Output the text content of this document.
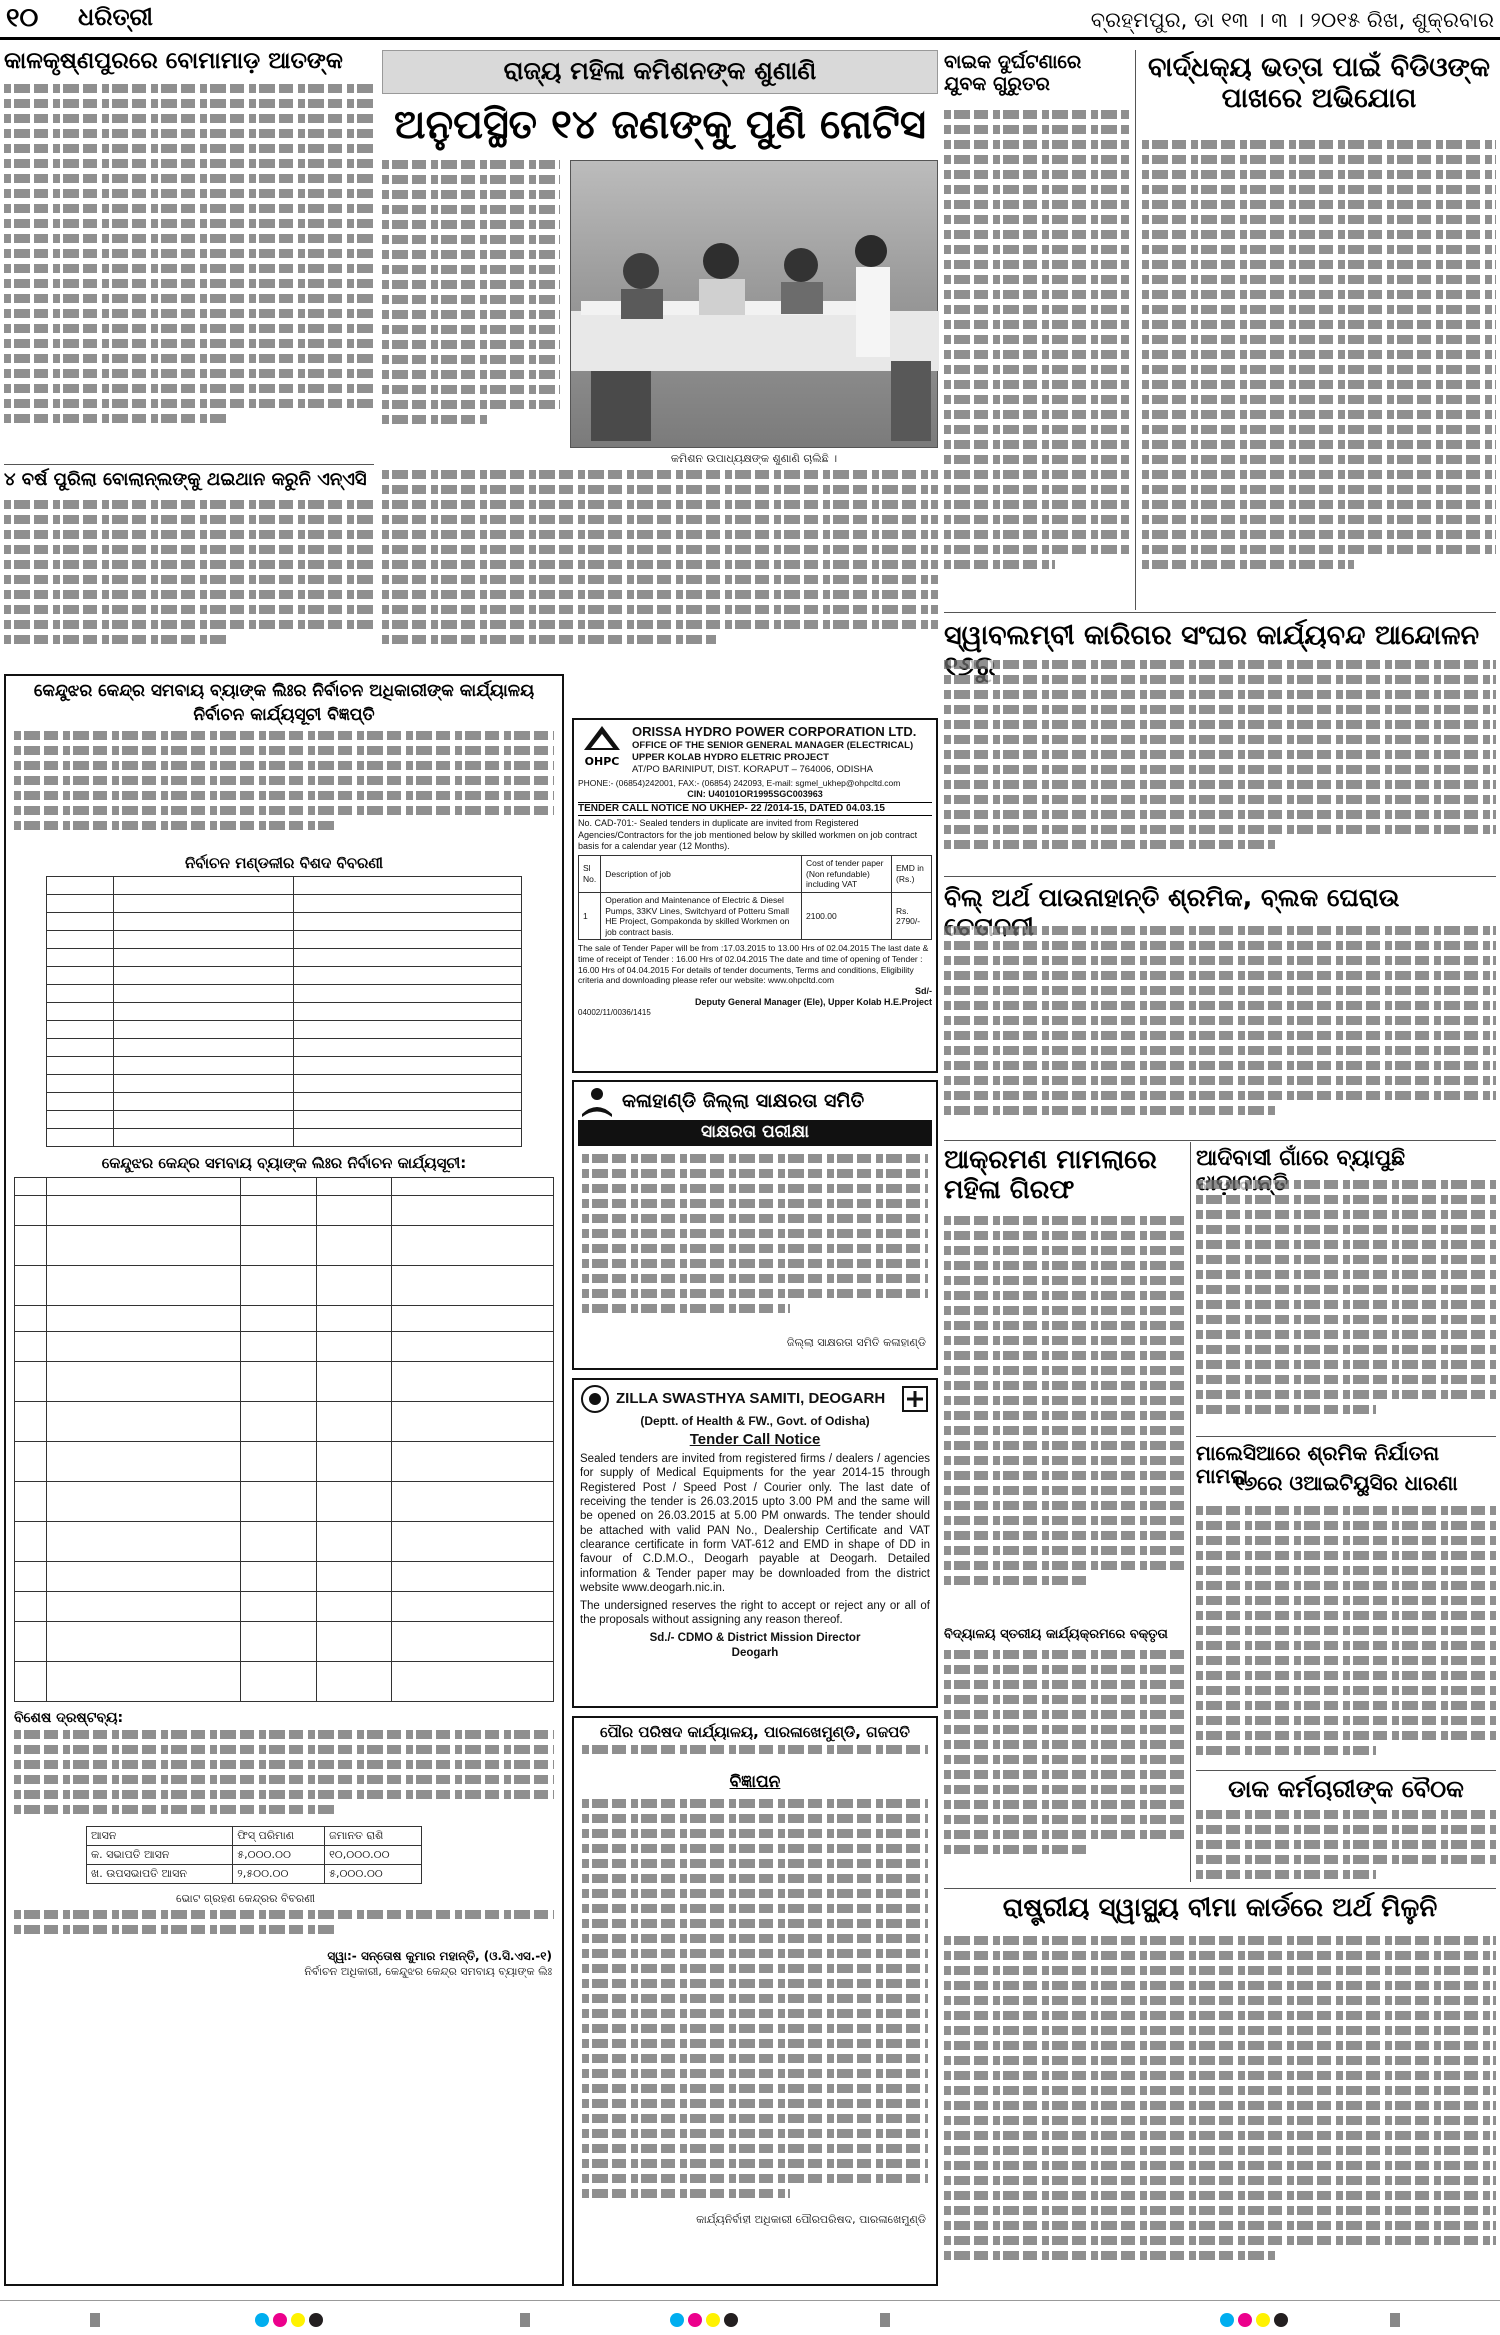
୧୦ ଧରିତ୍ରୀ	ବ୍ରହ୍ମପୁର, ଡା ୧୩ । ୩ । ୨୦୧୫ ରିଖ, ଶୁକ୍ରବାର
କାଳକୃଷ୍ଣପୁରରେ ବୋମାମାଡ଼ ଆତଙ୍କ
୪ ବର୍ଷ ପୁରିଲା ବୋଲାନ୍ଲଙ୍କୁ ଥଇଥାନ କରୁନି ଏନ୍‌ଏସି
ରାଜ୍ୟ ମହିଳା କମିଶନଙ୍କ ଶୁଣାଣି
ଅନୁପସ୍ଥିତ ୧୪ ଜଣଙ୍କୁ ପୁଣି ନୋଟିସ
କମିଶନ ଉପାଧ୍ୟକ୍ଷଙ୍କ ଶୁଣାଣି ଚାଲିଛି ।
ବାଇକ ଦୁର୍ଘଟଣାରେ ଯୁବକ ଗୁରୁତର
ବାର୍ଦ୍ଧକ୍ୟ ଭତ୍ତା ପାଇଁ ବିଡିଓଙ୍କ ପାଖରେ ଅଭିଯୋଗ
ସ୍ୱାବଲମ୍ବୀ କାରିଗର ସଂଘର କାର୍ଯ୍ୟବନ୍ଦ ଆନ୍ଦୋଳନ
ବିଲ୍ ଅର୍ଥ ପାଉନାହାନ୍ତି ଶ୍ରମିକ, ବ୍ଲକ ଘେରାଉ
ଆକ୍ରମଣ ମାମଲାରେ ମହିଳା ଗିରଫ
ବିଦ୍ୟାଳୟ ସ୍ତରୀୟ କାର୍ଯ୍ୟକ୍ରମରେ ବକ୍ତୃତା
ଆଦିବାସୀ ଗାଁରେ ବ୍ୟାପୁଛି
ମାଲେସିଆରେ ଶ୍ରମିକ ନିର୍ଯାତନା ମାମଲା
୧୬ରେ ଓଆଇଟିୟୁସିର ଧାରଣା
ଡାକ କର୍ମଚାରୀଙ୍କ ବୈଠକ
ରାଷ୍ଟ୍ରୀୟ ସ୍ୱାସ୍ଥ୍ୟ ବୀମା କାର୍ଡରେ ଅର୍ଥ ମିଳୁନି
କେନ୍ଦୁଝର କେନ୍ଦ୍ର ସମବାୟ ବ୍ୟାଙ୍କ ଲିଃର ନିର୍ବାଚନ ଅଧିକାରୀଙ୍କ କାର୍ଯ୍ୟାଳୟ
ନିର୍ବାଚନ କାର୍ଯ୍ୟସୂଚୀ ବିଜ୍ଞପ୍ତି
ନିର୍ବାଚନ ମଣ୍ଡଳୀର ବିଶଦ ବିବରଣୀ

କେନ୍ଦୁଝର କେନ୍ଦ୍ର ସମବାୟ ବ୍ୟାଙ୍କ ଲିଃର ନିର୍ବାଚନ କାର୍ଯ୍ୟସୂଚୀ:

ବିଶେଷ ଦ୍ରଷ୍ଟବ୍ୟ:
ଆସନ	ଫିସ୍ ପରିମାଣ	ଜମାନତ ରାଶି
କ. ସଭାପତି ଆସନ	୫,୦୦୦.୦୦	୧୦,୦୦୦.୦୦
ଖ. ଉପସଭାପତି ଆସନ	୨,୫୦୦.୦୦	୫,୦୦୦.୦୦
ଭୋଟ ଗ୍ରହଣ କେନ୍ଦ୍ରର ବିବରଣୀ
ସ୍ୱା:- ସନ୍ତୋଷ କୁମାର ମହାନ୍ତି, (ଓ.ସି.ଏସ.-୧)
ନିର୍ବାଚନ ଅଧିକାରୀ, କେନ୍ଦୁଝର କେନ୍ଦ୍ର ସମବାୟ ବ୍ୟାଙ୍କ ଲିଃ
OHPC
ORISSA HYDRO POWER CORPORATION LTD.
OFFICE OF THE SENIOR GENERAL MANAGER (ELECTRICAL)
UPPER KOLAB HYDRO ELETRIC PROJECT
AT/PO BARINIPUT, DIST. KORAPUT – 764006, ODISHA
PHONE:- (06854)242001, FAX:- (06854) 242093, E-mail: sgmel_ukhep@ohpcltd.com
CIN: U40101OR1995SGC003963
TENDER CALL NOTICE NO UKHEP- 22 /2014-15, DATED 04.03.15
No. CAD-701:- Sealed tenders in duplicate are invited from Registered Agencies/Contractors for the job mentioned below by skilled workmen on job contract basis for a calendar year (12 Months).
Sl No.	Description of job	Cost of tender paper (Non refundable) including VAT	EMD in (Rs.)
1	Operation and Maintenance of Electric & Diesel Pumps, 33KV Lines, Switchyard of Potteru Small HE Project, Gompakonda by skilled Workmen on job contract basis.	2100.00	Rs. 2790/-
The sale of Tender Paper will be from :17.03.2015 to 13.00 Hrs of 02.04.2015 The last date & time of receipt of Tender : 16.00 Hrs of 02.04.2015 The date and time of opening of Tender : 16.00 Hrs of 04.04.2015 For details of tender documents, Terms and conditions, Eligibility criteria and downloading please refer our website: www.ohpcltd.com
Sd/-
Deputy General Manager (Ele), Upper Kolab H.E.Project
04002/11/0036/1415
କଳାହାଣ୍ଡି ଜିଲ୍ଲା ସାକ୍ଷରତା ସମିତି
ସାକ୍ଷରତା ପରୀକ୍ଷା
ଜିଲ୍ଲା ସାକ୍ଷରତା ସମିତି କଳାହାଣ୍ଡି
ZILLA SWASTHYA SAMITI, DEOGARH
(Deptt. of Health & FW., Govt. of Odisha)
Tender Call Notice
Sealed tenders are invited from registered firms / dealers / agencies for supply of Medical Equipments for the year 2014-15 through Registered Post / Speed Post / Courier only. The last date of receiving the tender is 26.03.2015 upto 3.00 PM and the same will be opened on 26.03.2015 at 5.00 PM onwards. The tender should be attached with valid PAN No., Dealership Certificate and VAT clearance certificate in form VAT-612 and EMD in shape of DD in favour of C.D.M.O., Deogarh payable at Deogarh. Detailed information & Tender paper may be downloaded from the district website www.deogarh.nic.in.
The undersigned reserves the right to accept or reject any or all of the proposals without assigning any reason thereof.
Sd./- CDMO & District Mission Director
Deogarh
ପୌର ପରିଷଦ କାର୍ଯ୍ୟାଳୟ, ପାରଳାଖେମୁଣ୍ଡି, ଗଜପତି
ବିଜ୍ଞାପନ
କାର୍ଯ୍ୟନିର୍ବାହୀ ଅଧିକାରୀ ପୌରପରିଷଦ, ପାରଳାଖେମୁଣ୍ଡି
